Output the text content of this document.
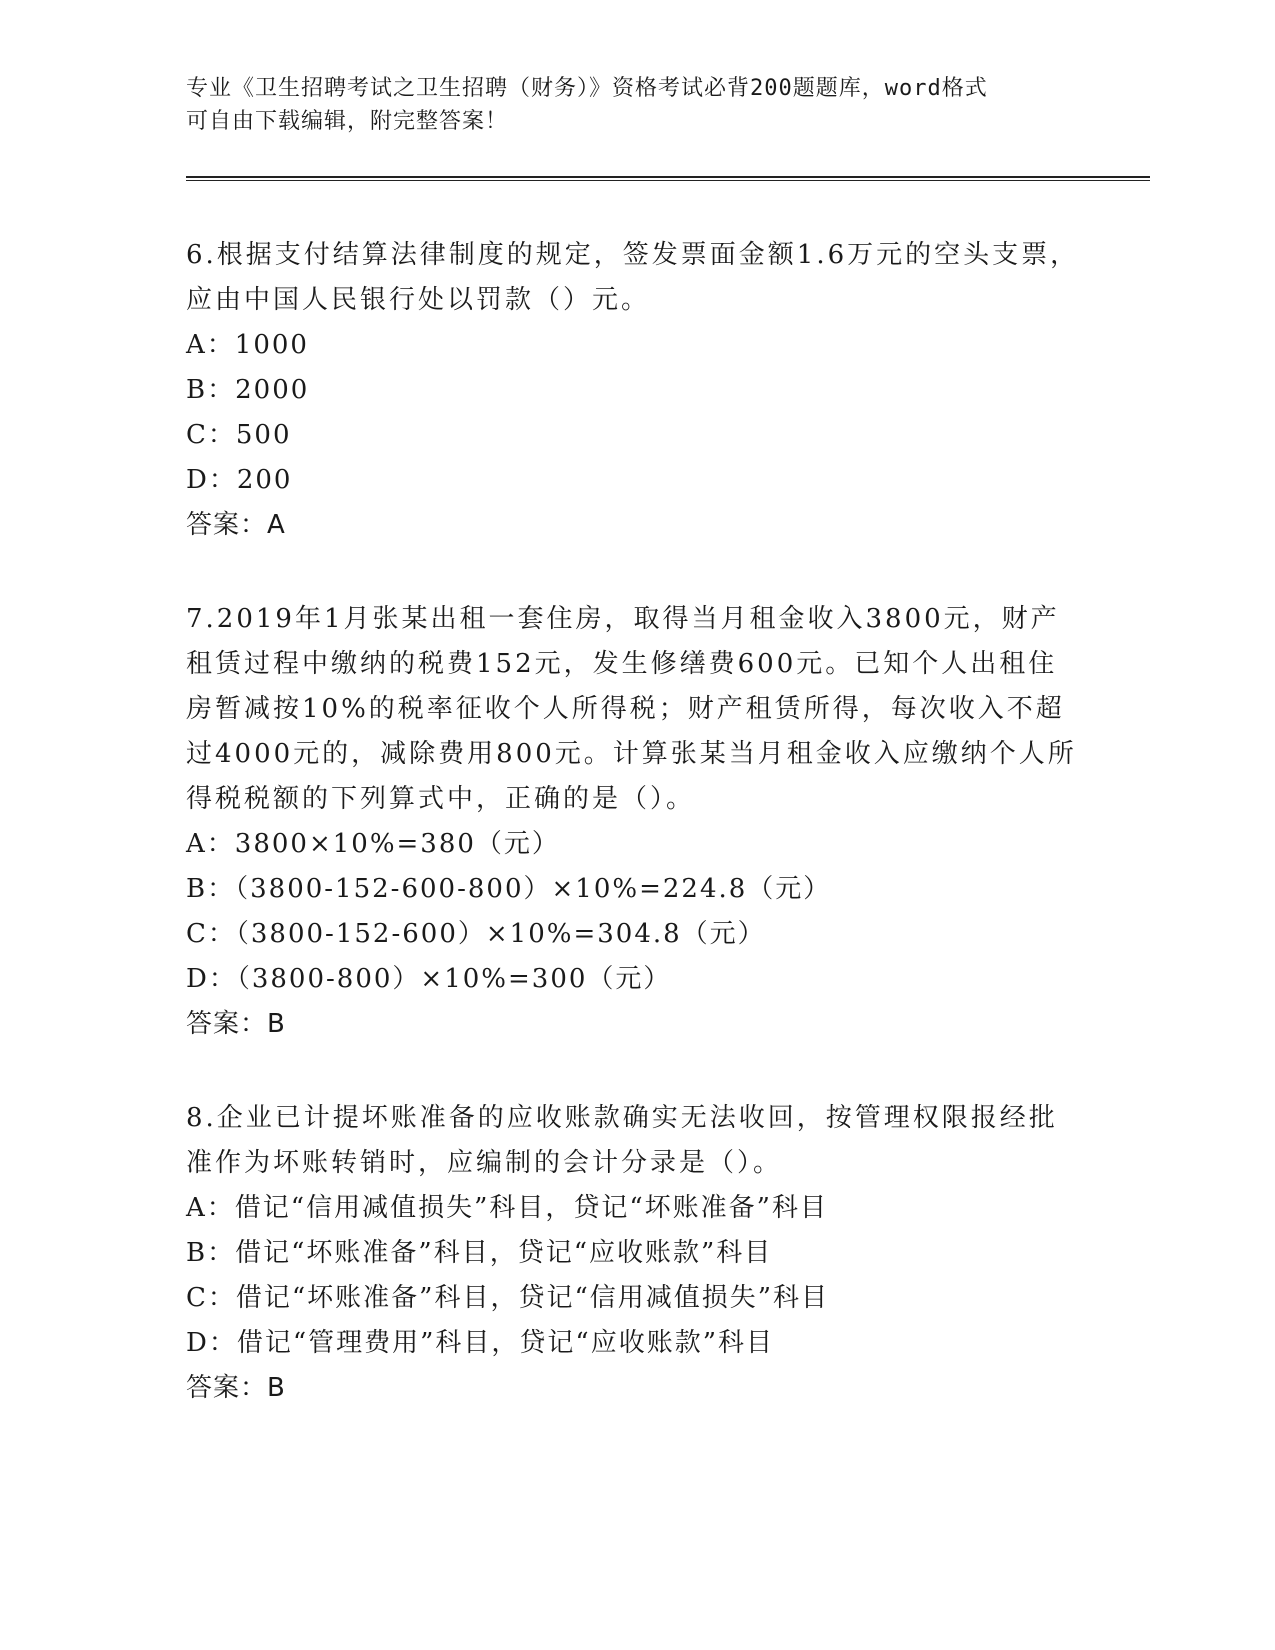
专业《卫生招聘考试之卫生招聘（财务）》资格考试必背200题题库，word格式
可自由下载编辑，附完整答案！

6.根据支付结算法律制度的规定，签发票面金额1.6万元的空头支票，应由中国人民银行处以罚款（）元。

A：1000

B：2000

C：500

D：200

答案：A

7.2019年1月张某出租一套住房，取得当月租金收入3800元，财产租赁过程中缴纳的税费152元，发生修缮费600元。已知个人出租住房暂减按10%的税率征收个人所得税；财产租赁所得，每次收入不超过4000元的，减除费用800元。计算张某当月租金收入应缴纳个人所得税税额的下列算式中，正确的是（）。

A：3800×10%=380（元）

B：（3800-152-600-800）×10%=224.8（元）

C：（3800-152-600）×10%=304.8（元）

D：（3800-800）×10%=300（元）

答案：B

8.企业已计提坏账准备的应收账款确实无法收回，按管理权限报经批准作为坏账转销时，应编制的会计分录是（）。

A：借记“信用减值损失”科目，贷记“坏账准备”科目

B：借记“坏账准备”科目，贷记“应收账款”科目

C：借记“坏账准备”科目，贷记“信用减值损失”科目

D：借记“管理费用”科目，贷记“应收账款”科目

答案：B
